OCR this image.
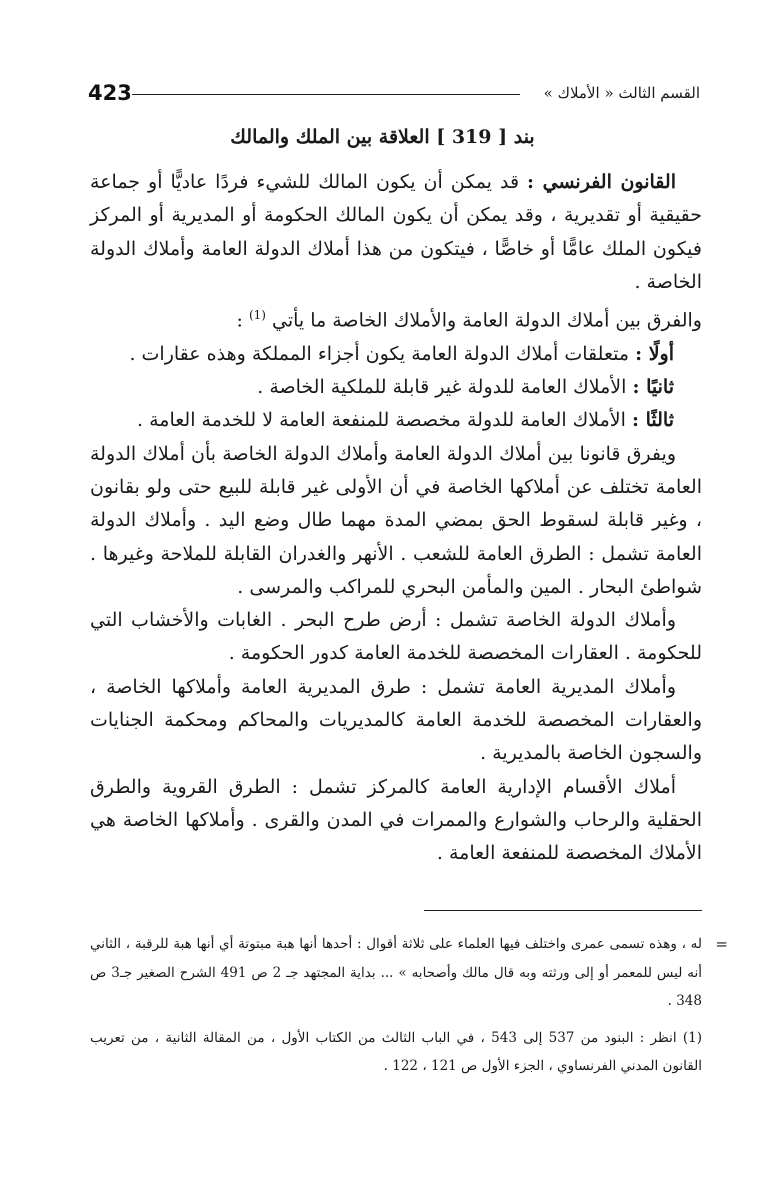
423	القسم الثالث « الأملاك »
بند [ 319 ] العلاقة بين الملك والمالك

القانون الفرنسي : قد يمكن أن يكون المالك للشيء فردًا عاديًّا أو جماعة حقيقية أو تقديرية ، وقد يمكن أن يكون المالك الحكومة أو المديرية أو المركز فيكون الملك عامًّا أو خاصًّا ، فيتكون من هذا أملاك الدولة العامة وأملاك الدولة الخاصة .

والفرق بين أملاك الدولة العامة والأملاك الخاصة ما يأتي $^{(1)}$ :

أولًا : متعلقات أملاك الدولة العامة يكون أجزاء المملكة وهذه عقارات .

ثانيًا : الأملاك العامة للدولة غير قابلة للملكية الخاصة .

ثالثًا : الأملاك العامة للدولة مخصصة للمنفعة العامة لا للخدمة العامة .

ويفرق قانونا بين أملاك الدولة العامة وأملاك الدولة الخاصة بأن أملاك الدولة العامة تختلف عن أملاكها الخاصة في أن الأولى غير قابلة للبيع حتى ولو بقانون ، وغير قابلة لسقوط الحق بمضي المدة مهما طال وضع اليد . وأملاك الدولة العامة تشمل : الطرق العامة للشعب . الأنهر والغدران القابلة للملاحة وغيرها . شواطئ البحار . المين والمأمن البحري للمراكب والمرسى .

وأملاك الدولة الخاصة تشمل : أرض طرح البحر . الغابات والأخشاب التي للحكومة . العقارات المخصصة للخدمة العامة كدور الحكومة .

وأملاك المديرية العامة تشمل : طرق المديرية العامة وأملاكها الخاصة ، والعقارات المخصصة للخدمة العامة كالمديريات والمحاكم ومحكمة الجنايات والسجون الخاصة بالمديرية .

أملاك الأقسام الإدارية العامة كالمركز تشمل : الطرق القروية والطرق الحقلية والرحاب والشوارع والممرات في المدن والقرى . وأملاكها الخاصة هي الأملاك المخصصة للمنفعة العامة .

=

له ، وهذه تسمى عمرى واختلف فيها العلماء على ثلاثة أقوال : أحدها أنها هبة مبتوتة أي أنها هبة للرقبة ، الثاني أنه ليس للمعمر أو إلى ورثته وبه قال مالك وأصحابه » ... بداية المجتهد جـ 2 ص 491 الشرح الصغير جـ3 ص 348 .

(1) انظر : البنود من 537 إلى 543 ، في الباب الثالث من الكتاب الأول ، من المقالة الثانية ، من تعريب القانون المدني الفرنساوي ، الجزء الأول ص 121 ، 122 .
